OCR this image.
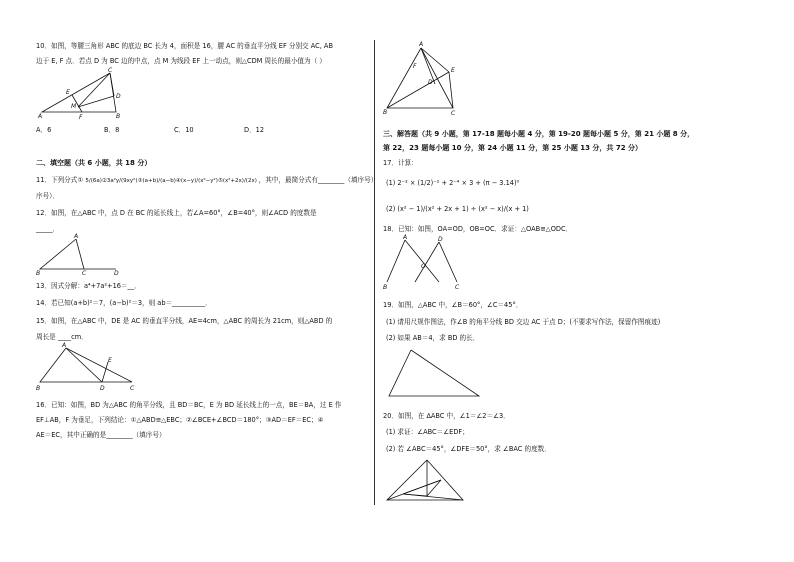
10．如图，等腰三角形 ABC 的底边 BC 长为 4，面积是 16，腰 AC 的垂直平分线 EF 分别交 AC, AB
边于 E, F 点．若点 D 为 BC 边的中点，点 M 为线段 EF 上一动点，则△CDM 周长的最小值为（ ）
C
E
D
M
A	F	B
A．6	B．8	C．10	D．12
二、填空题（共 6 小题，共 18 分）
11．下列分式① 5/(6a)②3a²y/(9xy²)③(a+b)/(a−b)④(x−y)/(x²−y²)⑤(x²+2x)/(2x) ，其中，最简分式有________（填序号）
序号）．
12．如图，在△ABC 中，点 D 在 BC 的延长线上，若∠A=60°，∠B=40°，则∠ACD 的度数是
_____．
A
B	C	D
13．因式分解：a⁴+7a²+16＝__．
14．若已知(a+b)²＝7，(a−b)²＝3，则 ab＝__________．
15．如图，在△ABC 中，DE 是 AC 的垂直平分线，AE=4cm，△ABC 的周长为 21cm，则△ABD 的
周长是 ____cm．
A
E
B	D	C
16．已知：如图，BD 为△ABC 的角平分线，且 BD＝BC，E 为 BD 延长线上的一点，BE＝BA，过 E 作
EF⊥AB，F 为垂足，下列结论：①△ABD≌△EBC；②∠BCE+∠BCD＝180°；③AD＝EF＝EC；④
AE＝EC，其中正确的是________（填序号）
A
E
D
F
B	C
三、解答题（共 9 小题，第 17-18 题每小题 4 分，第 19-20 题每小题 5 分，第 21 小题 8 分，
第 22，23 题每小题 10 分，第 24 小题 11 分，第 25 小题 13 分，共 72 分）
17．计算：
(1) 2⁻² × (1/2)⁻² + 2⁻⁴ × 3 + (π − 3.14)⁰
(2) (x² − 1)/(x² + 2x + 1) ÷ (x² − x)/(x + 1)
18．已知：如图，OA=OD，OB=OC．求证：△OAB≌△ODC．
A	D
O
B	C
19．如图，△ABC 中，∠B＝60°，∠C＝45°．
(1) 请用尺规作图法，作∠B 的角平分线 BD 交边 AC 于点 D；(不要求写作法，保留作图痕迹)
(2) 如果 AB＝4，求 BD 的长．
20．如图，在 ∆ABC 中，∠1＝∠2＝∠3．
(1) 求证：∠ABC＝∠EDF；
(2) 若 ∠ABC＝45°，∠DFE＝50°，求 ∠BAC 的度数．
